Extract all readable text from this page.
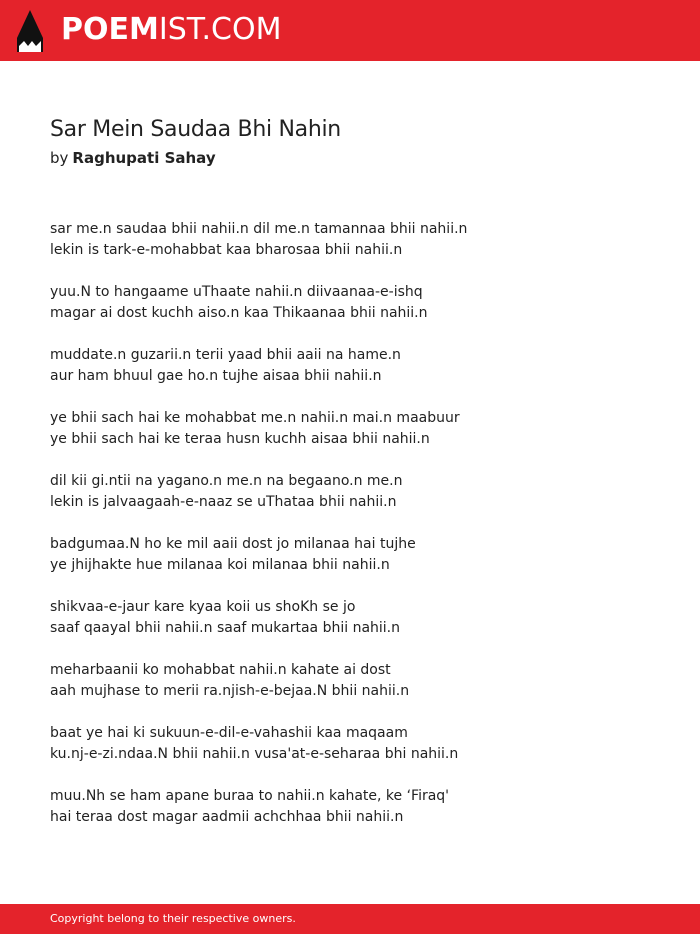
POEMIST.COM
Sar Mein Saudaa Bhi Nahin
by Raghupati Sahay
sar me.n saudaa bhii nahii.n dil me.n tamannaa bhii nahii.n
lekin is tark-e-mohabbat kaa bharosaa bhii nahii.n
yuu.N to hangaame uThaate nahii.n diivaanaa-e-ishq
magar ai dost kuchh aiso.n kaa Thikaanaa bhii nahii.n
muddate.n guzarii.n terii yaad bhii aaii na hame.n
aur ham bhuul gae ho.n tujhe aisaa bhii nahii.n
ye bhii sach hai ke mohabbat me.n nahii.n mai.n maabuur
ye bhii sach hai ke teraa husn kuchh aisaa bhii nahii.n
dil kii gi.ntii na yagano.n me.n na begaano.n me.n
lekin is jalvaagaah-e-naaz se uThataa bhii nahii.n
badgumaa.N ho ke mil aaii dost jo milanaa hai tujhe
ye jhijhakte hue milanaa koi milanaa bhii nahii.n
shikvaa-e-jaur kare kyaa koii us shoKh se jo
saaf qaayal bhii nahii.n saaf mukartaa bhii nahii.n
meharbaanii ko mohabbat nahii.n kahate ai dost
aah mujhase to merii ra.njish-e-bejaa.N bhii nahii.n
baat ye hai ki sukuun-e-dil-e-vahashii kaa maqaam
ku.nj-e-zi.ndaa.N bhii nahii.n vusa'at-e-seharaa bhi nahii.n
muu.Nh se ham apane buraa to nahii.n kahate, ke ‘Firaq'
hai teraa dost magar aadmii achchhaa bhii nahii.n
Copyright belong to their respective owners.
